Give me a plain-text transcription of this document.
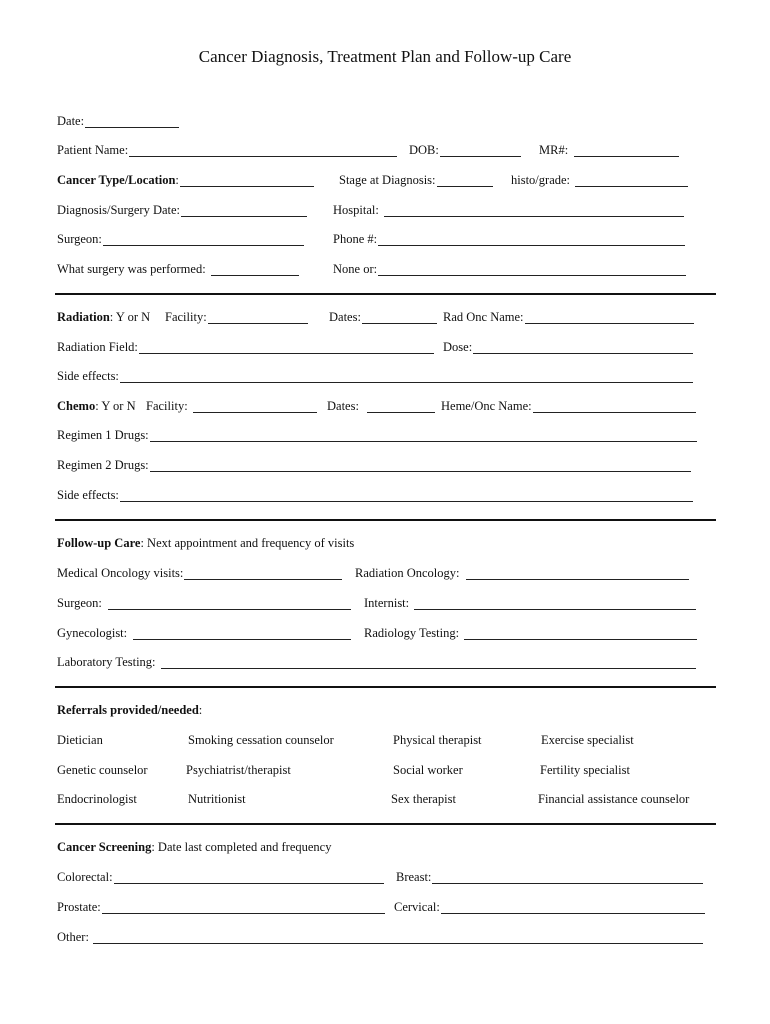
Cancer Diagnosis, Treatment Plan and Follow-up Care
Date:
Patient Name:	DOB:	MR#:
Cancer Type/Location:	Stage at Diagnosis:	histo/grade:
Diagnosis/Surgery Date:	Hospital:
Surgeon:	Phone #:
What surgery was performed:	None or:
Radiation: Y or N Facility:	Dates:	Rad Onc Name:
Radiation Field:	Dose:
Side effects:
Chemo: Y or N Facility:	Dates:	Heme/Onc Name:
Regimen 1 Drugs:
Regimen 2 Drugs:
Side effects:
Follow-up Care: Next appointment and frequency of visits
Medical Oncology visits:	Radiation Oncology:
Surgeon:	Internist:
Gynecologist:	Radiology Testing:
Laboratory Testing:
Referrals provided/needed:
Dietician	Smoking cessation counselor	Physical therapist	Exercise specialist
Genetic counselor	Psychiatrist/therapist	Social worker	Fertility specialist
Endocrinologist	Nutritionist	Sex therapist	Financial assistance counselor
Cancer Screening: Date last completed and frequency
Colorectal:	Breast:
Prostate:	Cervical:
Other:
